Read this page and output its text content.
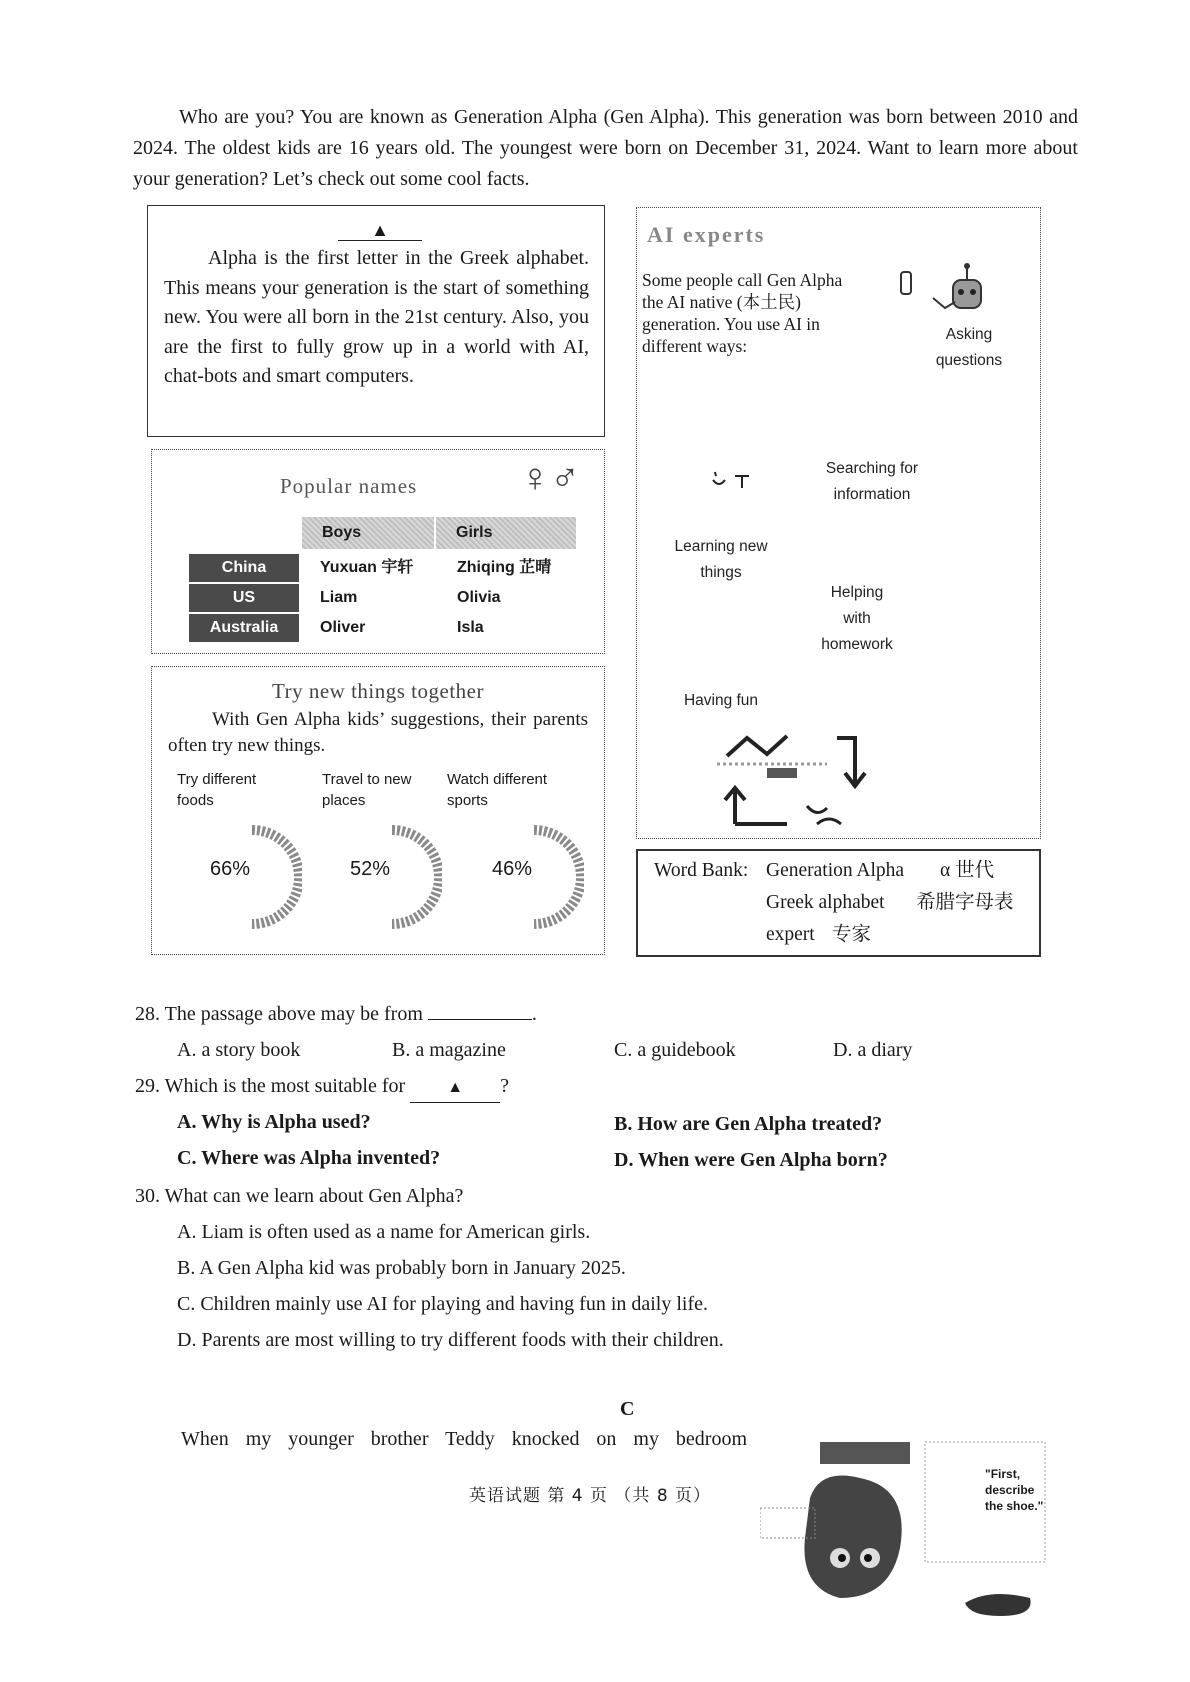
Who are you? You are known as Generation Alpha (Gen Alpha). This generation was born between 2010 and 2024. The oldest kids are 16 years old. The youngest were born on December 31, 2024. Want to learn more about your generation? Let’s check out some cool facts.
▲
Alpha is the first letter in the Greek alphabet. This means your generation is the start of something new. You were all born in the 21st century. Also, you are the first to fully grow up in a world with AI, chat-bots and smart computers.
Popular names	♀♂
Boys	Girls
China	Yuxuan 宇轩	Zhiqing 芷晴
US	Liam	Olivia
Australia	Oliver	Isla
Try new things together
With Gen Alpha kids’ suggestions, their parents often try new things.
Try different foods
Travel to new places
Watch different sports
66%	52%	46%
AI experts
Some people call Gen Alpha the AI native (本土民) generation. You use AI in different ways:
Asking questions
Searching for information
Learning new things
Helping with homework
Having fun
Word Bank: Generation Alpha α 世代
Greek alphabet 希腊字母表
expert 专家
28. The passage above may be from	.
A. a story book	B. a magazine	C. a guidebook	D. a diary
29. Which is the most suitable for	▲ ?
A. Why is Alpha used?	B. How are Gen Alpha treated?
C. Where was Alpha invented?	D. When were Gen Alpha born?
30. What can we learn about Gen Alpha?
A. Liam is often used as a name for American girls.
B. A Gen Alpha kid was probably born in January 2025.
C. Children mainly use AI for playing and having fun in daily life.
D. Parents are most willing to try different foods with their children.
C
When my younger brother Teddy knocked on my bedroom
英语试题 第 4 页 （共 8 页）
"First, describe the shoe."
